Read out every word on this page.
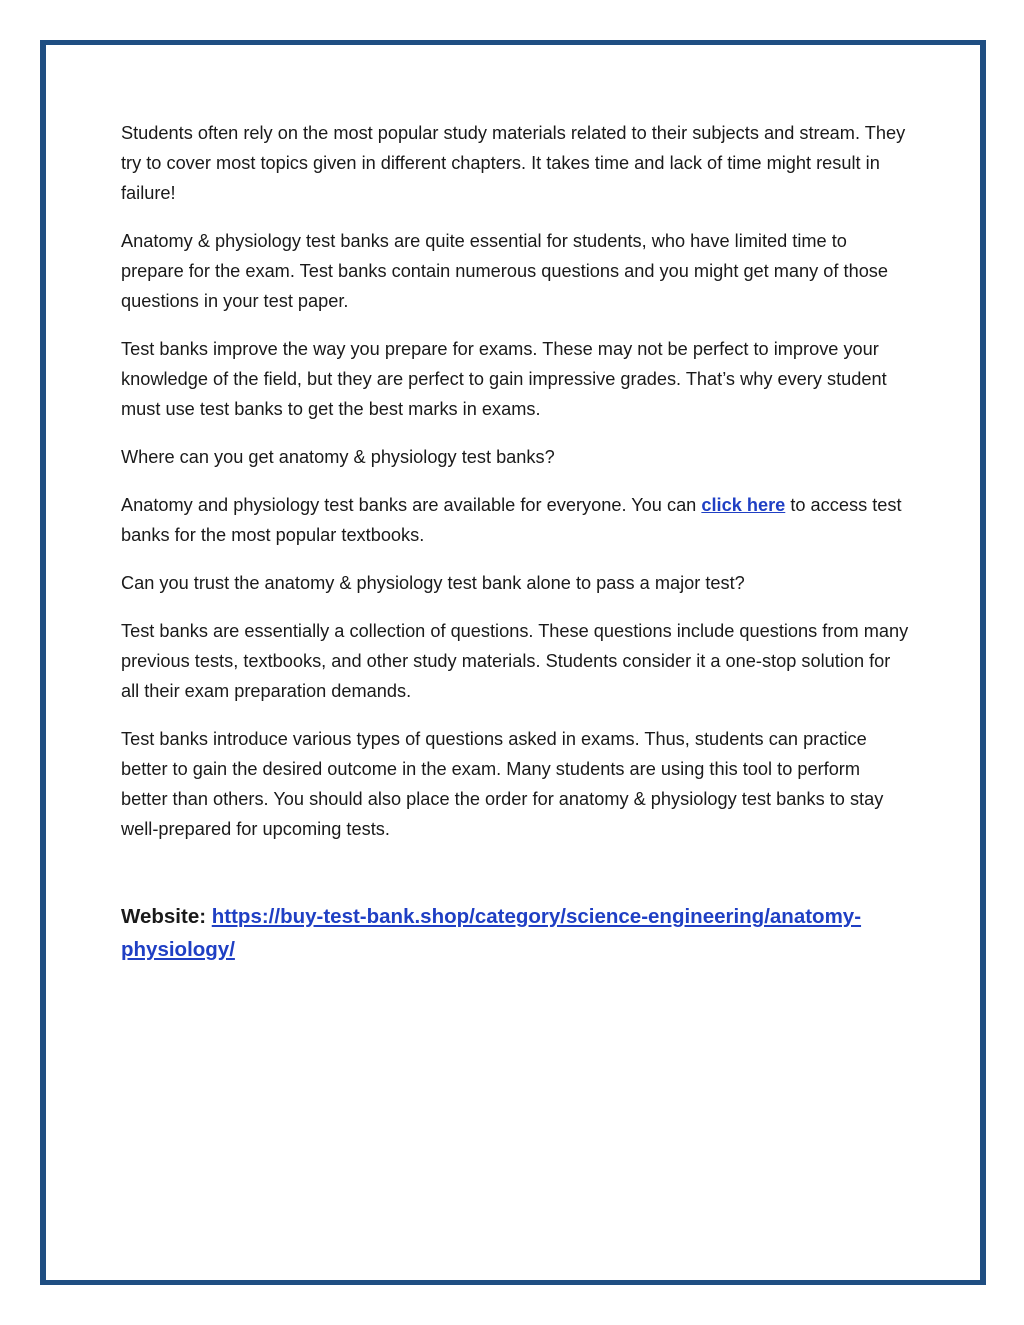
Students often rely on the most popular study materials related to their subjects and stream. They try to cover most topics given in different chapters. It takes time and lack of time might result in failure!

Anatomy & physiology test banks are quite essential for students, who have limited time to prepare for the exam. Test banks contain numerous questions and you might get many of those questions in your test paper.

Test banks improve the way you prepare for exams. These may not be perfect to improve your knowledge of the field, but they are perfect to gain impressive grades. That’s why every student must use test banks to get the best marks in exams.

Where can you get anatomy & physiology test banks?

Anatomy and physiology test banks are available for everyone. You can click here to access test banks for the most popular textbooks.

Can you trust the anatomy & physiology test bank alone to pass a major test?

Test banks are essentially a collection of questions. These questions include questions from many previous tests, textbooks, and other study materials. Students consider it a one-stop solution for all their exam preparation demands.

Test banks introduce various types of questions asked in exams. Thus, students can practice better to gain the desired outcome in the exam. Many students are using this tool to perform better than others. You should also place the order for anatomy & physiology test banks to stay well-prepared for upcoming tests.

Website: https://buy-test-bank.shop/category/science-engineering/anatomy-physiology/
